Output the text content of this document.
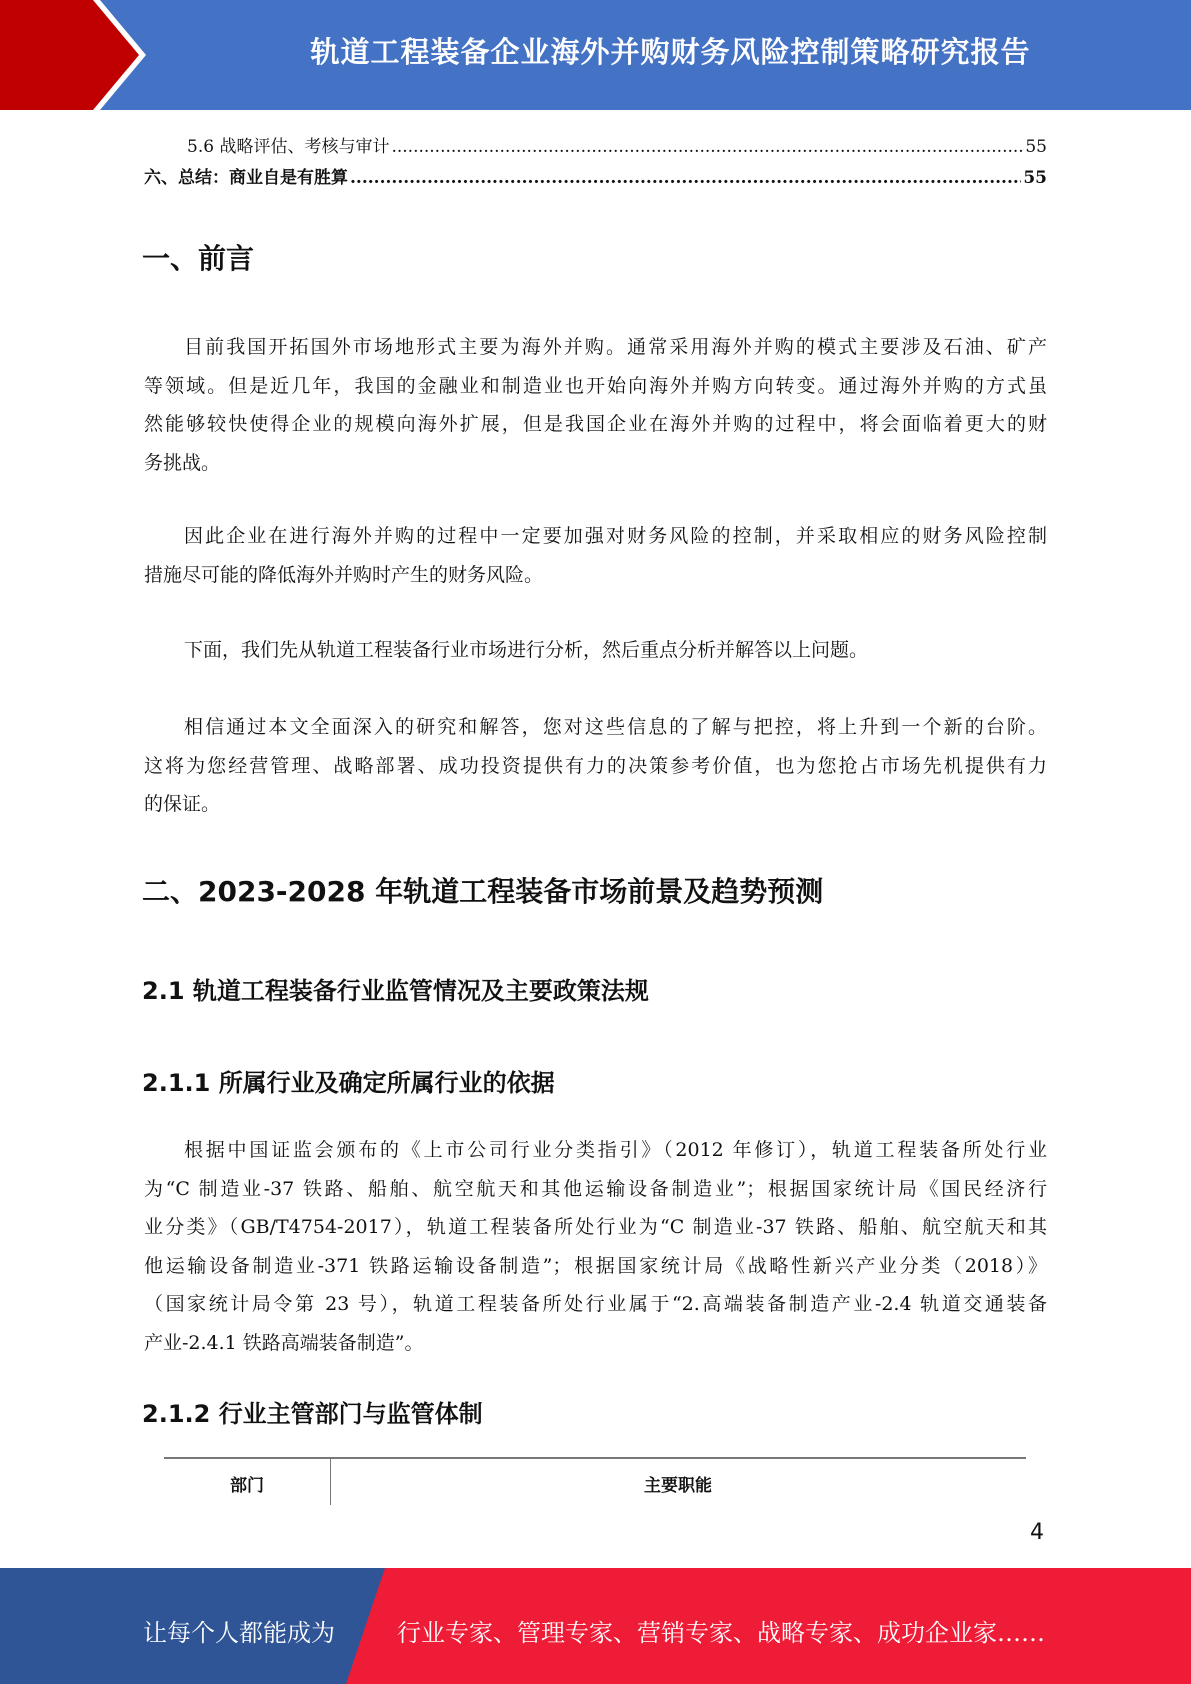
轨道工程装备企业海外并购财务风险控制策略研究报告
5.6 战略评估、考核与审计 .....	55
六、总结：商业自是有胜算 .....	55
一、前言
目前我国开拓国外市场地形式主要为海外并购。通常采用海外并购的模式主要涉及石油、矿产
等领域。但是近几年，我国的金融业和制造业也开始向海外并购方向转变。通过海外并购的方式虽
然能够较快使得企业的规模向海外扩展，但是我国企业在海外并购的过程中，将会面临着更大的财
务挑战。
因此企业在进行海外并购的过程中一定要加强对财务风险的控制，并采取相应的财务风险控制
措施尽可能的降低海外并购时产生的财务风险。
下面，我们先从轨道工程装备行业市场进行分析，然后重点分析并解答以上问题。
相信通过本文全面深入的研究和解答，您对这些信息的了解与把控，将上升到一个新的台阶。
这将为您经营管理、战略部署、成功投资提供有力的决策参考价值，也为您抢占市场先机提供有力
的保证。
二、2023-2028 年轨道工程装备市场前景及趋势预测
2.1 轨道工程装备行业监管情况及主要政策法规
2.1.1 所属行业及确定所属行业的依据
根据中国证监会颁布的《上市公司行业分类指引》（2012 年修订），轨道工程装备所处行业
为“C 制造业-37 铁路、船舶、航空航天和其他运输设备制造业”；根据国家统计局《国民经济行
业分类》（GB/T4754-2017），轨道工程装备所处行业为“C 制造业-37 铁路、船舶、航空航天和其
他运输设备制造业-371 铁路运输设备制造”；根据国家统计局《战略性新兴产业分类（2018）》
（国家统计局令第 23 号），轨道工程装备所处行业属于“2.高端装备制造产业-2.4 轨道交通装备
产业-2.4.1 铁路高端装备制造”。
2.1.2 行业主管部门与监管体制
部门	主要职能
4
让每个人都能成为	行业专家、管理专家、营销专家、战略专家、成功企业家……
